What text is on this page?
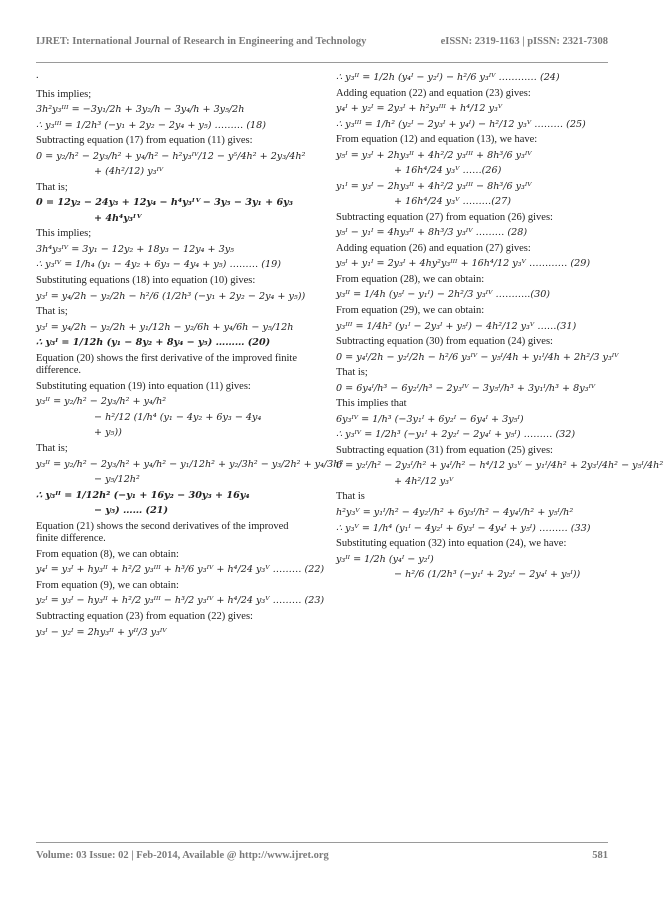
IJRET: International Journal of Research in Engineering and Technology	eISSN: 2319-1163 | pISSN: 2321-7308

.

This implies;

3h²y₃ᴵᴵᴵ = −3y₁/2h + 3y₂/h − 3y₄/h + 3y₅/2h
∴ y₃ᴵᴵᴵ = 1/2h³ (−y₁ + 2y₂ − 2y₄ + y₅) ……… (18)

Subtracting equation (17) from equation (11) gives:

0 = y₂/h² − 2y₃/h² + y₄/h² − h²y₃ᴵⱽ/12 − y⁵/4h² + 2y₃/4h²
+ (4h²/12) y₃ᴵⱽ

That is;

0 = 12y₂ − 24y₃ + 12y₄ − h⁴y₃ᴵⱽ − 3y₅ − 3y₁ + 6y₃
+ 4h⁴y₃ᴵⱽ

This implies;

3h⁴y₃ᴵⱽ = 3y₁ − 12y₂ + 18y₃ − 12y₄ + 3y₅
∴ y₃ᴵⱽ = 1/h₄ (y₁ − 4y₂ + 6y₃ − 4y₄ + y₅) ……… (19)

Substituting equations (18) into equation (10) gives:

y₃ᴵ = y₄/2h − y₂/2h − h²/6 (1/2h³ (−y₁ + 2y₂ − 2y₄ + y₅))

That is;

y₃ᴵ = y₄/2h − y₂/2h + y₁/12h − y₂/6h + y₄/6h − y₅/12h
∴ y₃ᴵ = 1/12h (y₁ − 8y₂ + 8y₄ − y₅) ……… (20)

Equation (20) shows the first derivative of the improved finite difference.

Substituting equation (19) into equation (11) gives:

y₃ᴵᴵ = y₂/h² − 2y₃/h² + y₄/h²
− h²/12 (1/h⁴ (y₁ − 4y₂ + 6y₃ − 4y₄
+ y₅))

That is;

y₃ᴵᴵ = y₂/h² − 2y₃/h² + y₄/h² − y₁/12h² + y₂/3h² − y₃/2h² + y₄/3h²
− y₅/12h²
∴ y₃ᴵᴵ = 1/12h² (−y₁ + 16y₂ − 30y₃ + 16y₄
− y₅) …… (21)

Equation (21) shows the second derivatives of the improved finite difference.

From equation (8), we can obtain:

y₄ᴵ = y₃ᴵ + hy₃ᴵᴵ + h²/2 y₃ᴵᴵᴵ + h³/6 y₃ᴵⱽ + h⁴/24 y₃ⱽ ……… (22)

From equation (9), we can obtain:

y₂ᴵ = y₃ᴵ − hy₃ᴵᴵ + h²/2 y₃ᴵᴵᴵ − h³/2 y₃ᴵⱽ + h⁴/24 y₃ⱽ ……… (23)

Subtracting equation (23) from equation (22) gives:

y₃ᴵ − y₂ᴵ = 2hy₃ᴵᴵ + yᴵᴵ/3 y₃ᴵⱽ
∴ y₃ᴵᴵ = 1/2h (y₄ᴵ − y₂ᴵ) − h²/6 y₃ᴵⱽ ………… (24)

Adding equation (22) and equation (23) gives:

y₄ᴵ + y₂ᴵ = 2y₃ᴵ + h²y₃ᴵᴵᴵ + h⁴/12 y₃ⱽ
∴ y₃ᴵᴵᴵ = 1/h² (y₂ᴵ − 2y₃ᴵ + y₄ᴵ) − h²/12 y₃ⱽ ……… (25)

From equation (12) and equation (13), we have:

y₅ᴵ = y₃ᴵ + 2hy₃ᴵᴵ + 4h²/2 y₃ᴵᴵᴵ + 8h³/6 y₃ᴵⱽ
+ 16h⁴/24 y₃ⱽ ……(26)
y₁ᴵ = y₃ᴵ − 2hy₃ᴵᴵ + 4h²/2 y₃ᴵᴵᴵ − 8h³/6 y₃ᴵⱽ
+ 16h⁴/24 y₃ⱽ ………(27)

Subtracting equation (27) from equation (26) gives:

y₅ᴵ − y₁ᴵ = 4hy₃ᴵᴵ + 8h³/3 y₃ᴵⱽ ……… (28)

Adding equation (26) and equation (27) gives:

y₅ᴵ + y₁ᴵ = 2y₃ᴵ + 4hy²y₃ᴵᴵᴵ + 16h⁴/12 y₃ⱽ ………… (29)

From equation (28), we can obtain:

y₃ᴵᴵ = 1/4h (y₅ᴵ − y₁ᴵ) − 2h²/3 y₃ᴵⱽ ………..(30)

From equation (29), we can obtain:

y₃ᴵᴵᴵ = 1/4h² (y₁ᴵ − 2y₃ᴵ + y₅ᴵ) − 4h²/12 y₃ⱽ ……(31)

Subtracting equation (30) from equation (24) gives:

0 = y₄ᴵ/2h − y₂ᴵ/2h − h²/6 y₃ᴵⱽ − y₅ᴵ/4h + y₁ᴵ/4h + 2h²/3 y₃ᴵⱽ

That is;

0 = 6y₄ᴵ/h³ − 6y₂ᴵ/h³ − 2y₃ᴵⱽ − 3y₅ᴵ/h³ + 3y₁ᴵ/h³ + 8y₃ᴵⱽ

This implies that

6y₃ᴵⱽ = 1/h³ (−3y₁ᴵ + 6y₂ᴵ − 6y₄ᴵ + 3y₅ᴵ)
∴ y₃ᴵⱽ = 1/2h³ (−y₁ᴵ + 2y₂ᴵ − 2y₄ᴵ + y₅ᴵ) ……… (32)

Subtracting equation (31) from equation (25) gives:

0 = y₂ᴵ/h² − 2y₃ᴵ/h² + y₄ᴵ/h² − h⁴/12 y₃ⱽ − y₁ᴵ/4h² + 2y₃ᴵ/4h² − y₅ᴵ/4h²
+ 4h²/12 y₃ⱽ

That is

h²y₃ⱽ = y₁ᴵ/h² − 4y₂ᴵ/h² + 6y₃ᴵ/h² − 4y₄ᴵ/h² + y₅ᴵ/h²
∴ y₃ⱽ = 1/h⁴ (y₁ᴵ − 4y₂ᴵ + 6y₃ᴵ − 4y₄ᴵ + y₅ᴵ) ……… (33)

Substituting equation (32) into equation (24), we have:

y₃ᴵᴵ = 1/2h (y₄ᴵ − y₂ᴵ)
− h²/6 (1/2h³ (−y₁ᴵ + 2y₂ᴵ − 2y₄ᴵ + y₅ᴵ))
Volume: 03 Issue: 02 | Feb-2014, Available @ http://www.ijret.org	581
